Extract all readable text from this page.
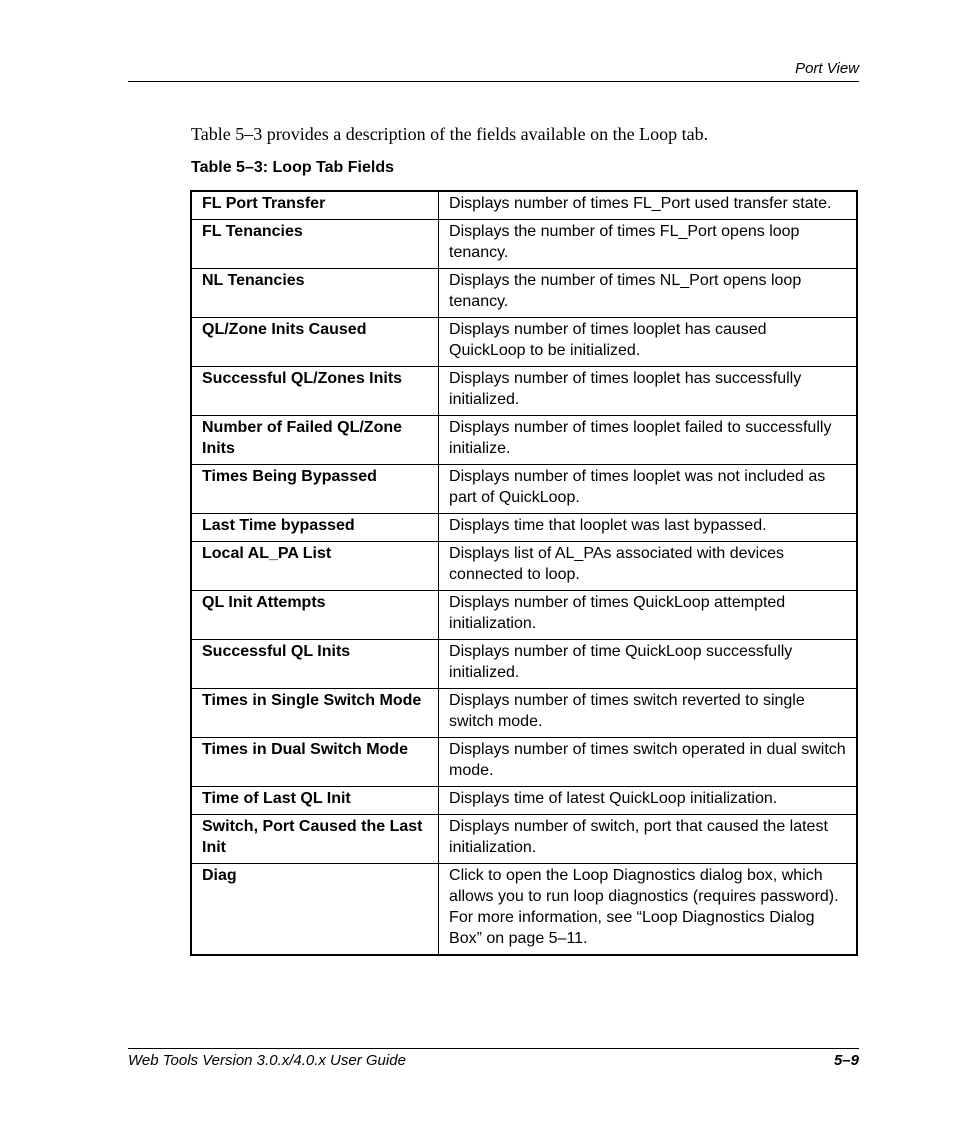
Port View
Table 5–3 provides a description of the fields available on the Loop tab.
Table 5–3: Loop Tab Fields
FL Port Transfer	Displays number of times FL_Port used transfer state.
FL Tenancies	Displays the number of times FL_Port opens loop tenancy.
NL Tenancies	Displays the number of times NL_Port opens loop tenancy.
QL/Zone Inits Caused	Displays number of times looplet has caused QuickLoop to be initialized.
Successful QL/Zones Inits	Displays number of times looplet has successfully initialized.
Number of Failed QL/Zone Inits	Displays number of times looplet failed to successfully initialize.
Times Being Bypassed	Displays number of times looplet was not included as part of QuickLoop.
Last Time bypassed	Displays time that looplet was last bypassed.
Local AL_PA List	Displays list of AL_PAs associated with devices connected to loop.
QL Init Attempts	Displays number of times QuickLoop attempted initialization.
Successful QL Inits	Displays number of time QuickLoop successfully initialized.
Times in Single Switch Mode	Displays number of times switch reverted to single switch mode.
Times in Dual Switch Mode	Displays number of times switch operated in dual switch mode.
Time of Last QL Init	Displays time of latest QuickLoop initialization.
Switch, Port Caused the Last Init	Displays number of switch, port that caused the latest initialization.
Diag	Click to open the Loop Diagnostics dialog box, which allows you to run loop diagnostics (requires password). For more information, see “Loop Diagnostics Dialog Box” on page 5–11.
Web Tools Version 3.0.x/4.0.x User Guide	5–9
